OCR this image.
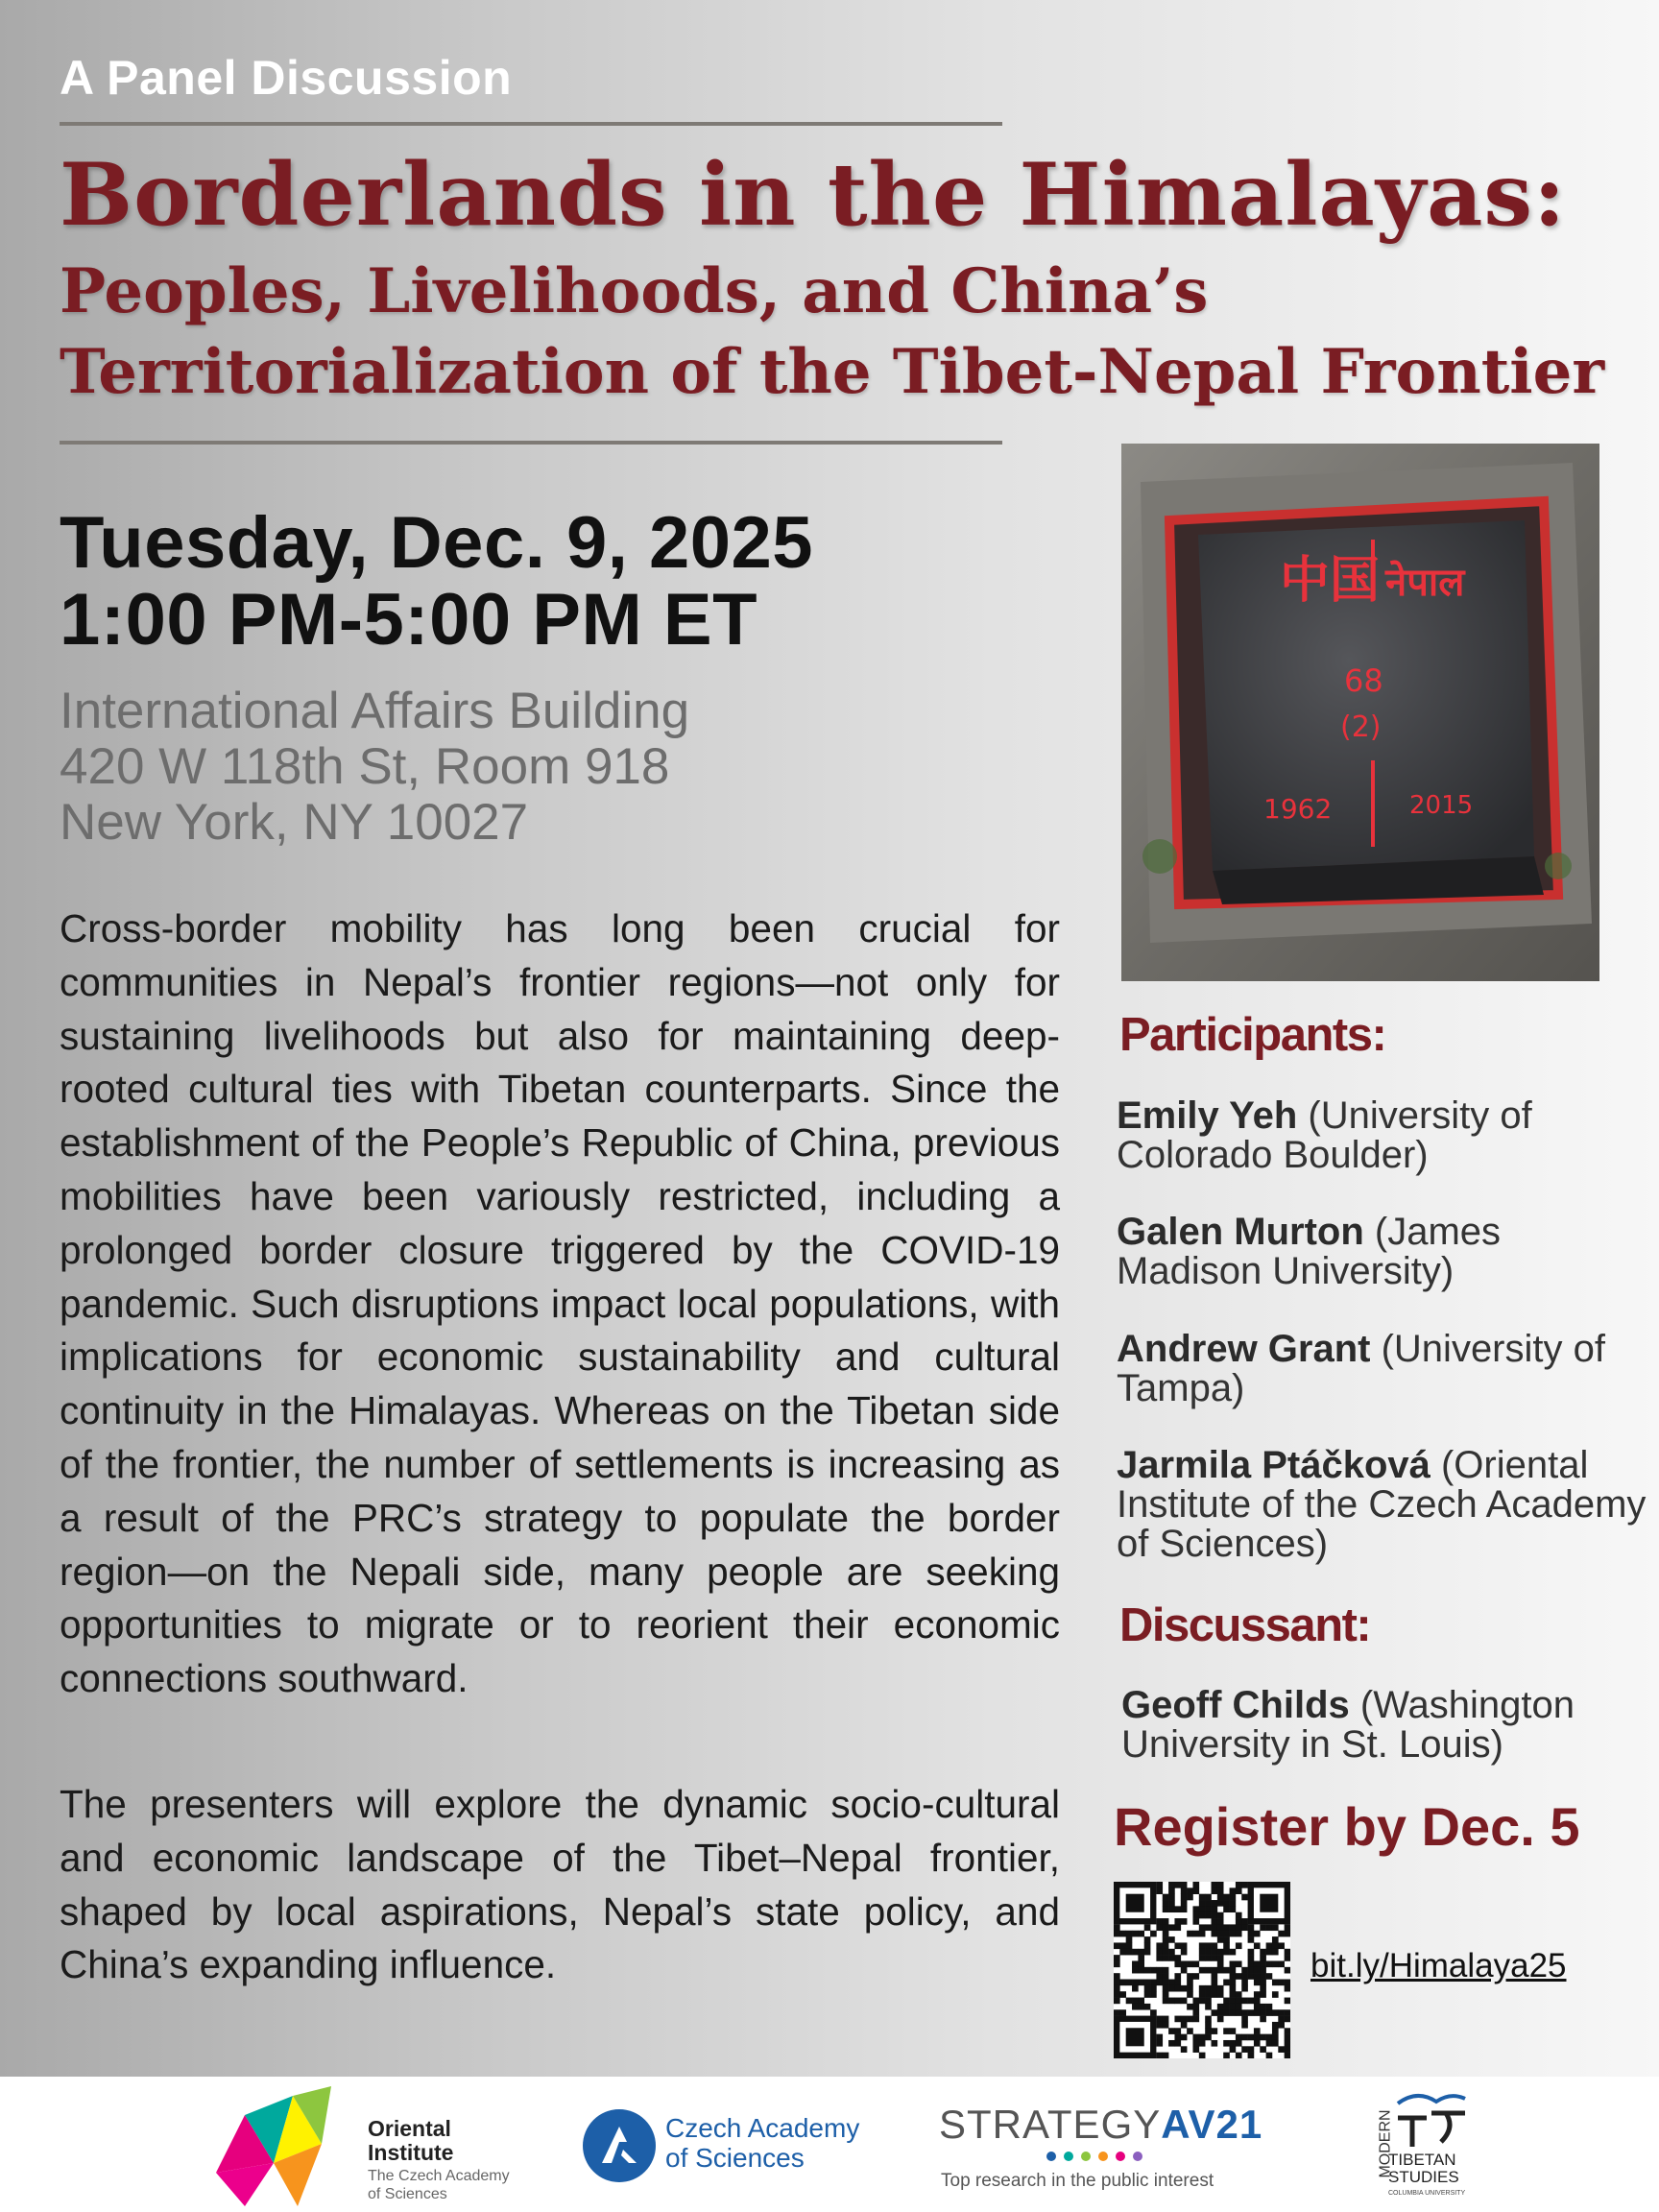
A Panel Discussion
Borderlands in the Himalayas:
Peoples, Livelihoods, and China’s
Territorialization of the Tibet-Nepal Frontier
Tuesday, Dec. 9, 2025
1:00 PM-5:00 PM ET
International Affairs Building
420 W 118th St, Room 918
New York, NY 10027
Cross-border mobility has long been crucial for communities in Nepal’s frontier regions—not only for sustaining livelihoods but also for maintaining deep-rooted cultural ties with Tibetan counterparts. Since the establishment of the People’s Republic of China, previous mobilities have been variously restricted, including a prolonged border closure triggered by the COVID-19 pandemic. Such disruptions impact local populations, with implications for economic sustainability and cultural continuity in the Himalayas. Whereas on the Tibetan side of the frontier, the number of settlements is increasing as a result of the PRC’s strategy to populate the border region—on the Nepali side, many people are seeking opportunities to migrate or to reorient their economic connections southward.
The presenters will explore the dynamic socio-cultural and economic landscape of the Tibet–Nepal frontier, shaped by local aspirations, Nepal’s state policy, and China’s expanding influence.
中国 नेपाल
68
(2)
1962	2015
Participants:
Emily Yeh (University of Colorado Boulder)
Galen Murton (James Madison University)
Andrew Grant (University of Tampa)
Jarmila Ptáčková (Oriental Institute of the Czech Academy of Sciences)
Discussant:
Geoff Childs (Washington University in St. Louis)
Register by Dec. 5
bit.ly/Himalaya25
Oriental
Institute
The Czech Academy
of Sciences
Czech Academy
of Sciences
STRATEGYAV21
Top research in the public interest
MODERN
TIBETAN
STUDIES
COLUMBIA UNIVERSITY
